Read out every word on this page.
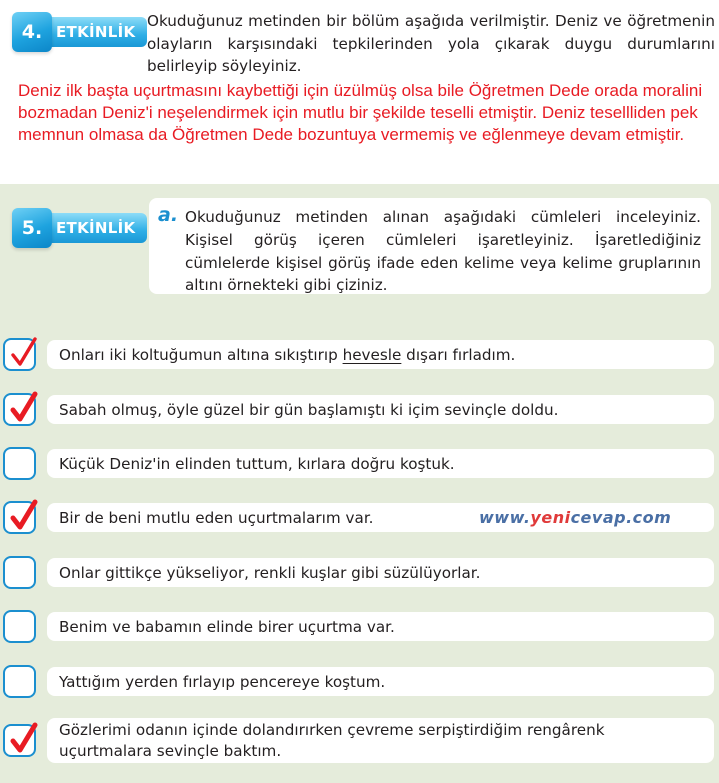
4. ETKİNLİK
Okuduğunuz metinden bir bölüm aşağıda verilmiştir. Deniz ve öğretmenin olayların karşısındaki tepkilerinden yola çıkarak duygu durumlarını belirleyip söyleyiniz.
Deniz ilk başta uçurtmasını kaybettiği için üzülmüş olsa bile Öğretmen Dede orada moralini bozmadan Deniz'i neşelendirmek için mutlu bir şekilde teselli etmiştir. Deniz tesellliden pek memnun olmasa da Öğretmen Dede bozuntuya vermemiş ve eğlenmeye devam etmiştir.
5. ETKİNLİK
a. Okuduğunuz metinden alınan aşağıdaki cümleleri inceleyiniz. Kişisel görüş içeren cümleleri işaretleyiniz. İşaretlediğiniz cümlelerde kişisel görüş ifade eden kelime veya kelime gruplarının altını örnekteki gibi çiziniz.
Onları iki koltuğumun altına sıkıştırıp hevesle dışarı fırladım.
Sabah olmuş, öyle güzel bir gün başlamıştı ki içim sevinçle doldu.
Küçük Deniz'in elinden tuttum, kırlara doğru koştuk.
Bir de beni mutlu eden uçurtmalarım var.
Onlar gittikçe yükseliyor, renkli kuşlar gibi süzülüyorlar.
Benim ve babamın elinde birer uçurtma var.
Yattığım yerden fırlayıp pencereye koştum.
Gözlerimi odanın içinde dolandırırken çevreme serpiştirdiğim rengârenk uçurtmalara sevinçle baktım.
www.yenicevap.com
